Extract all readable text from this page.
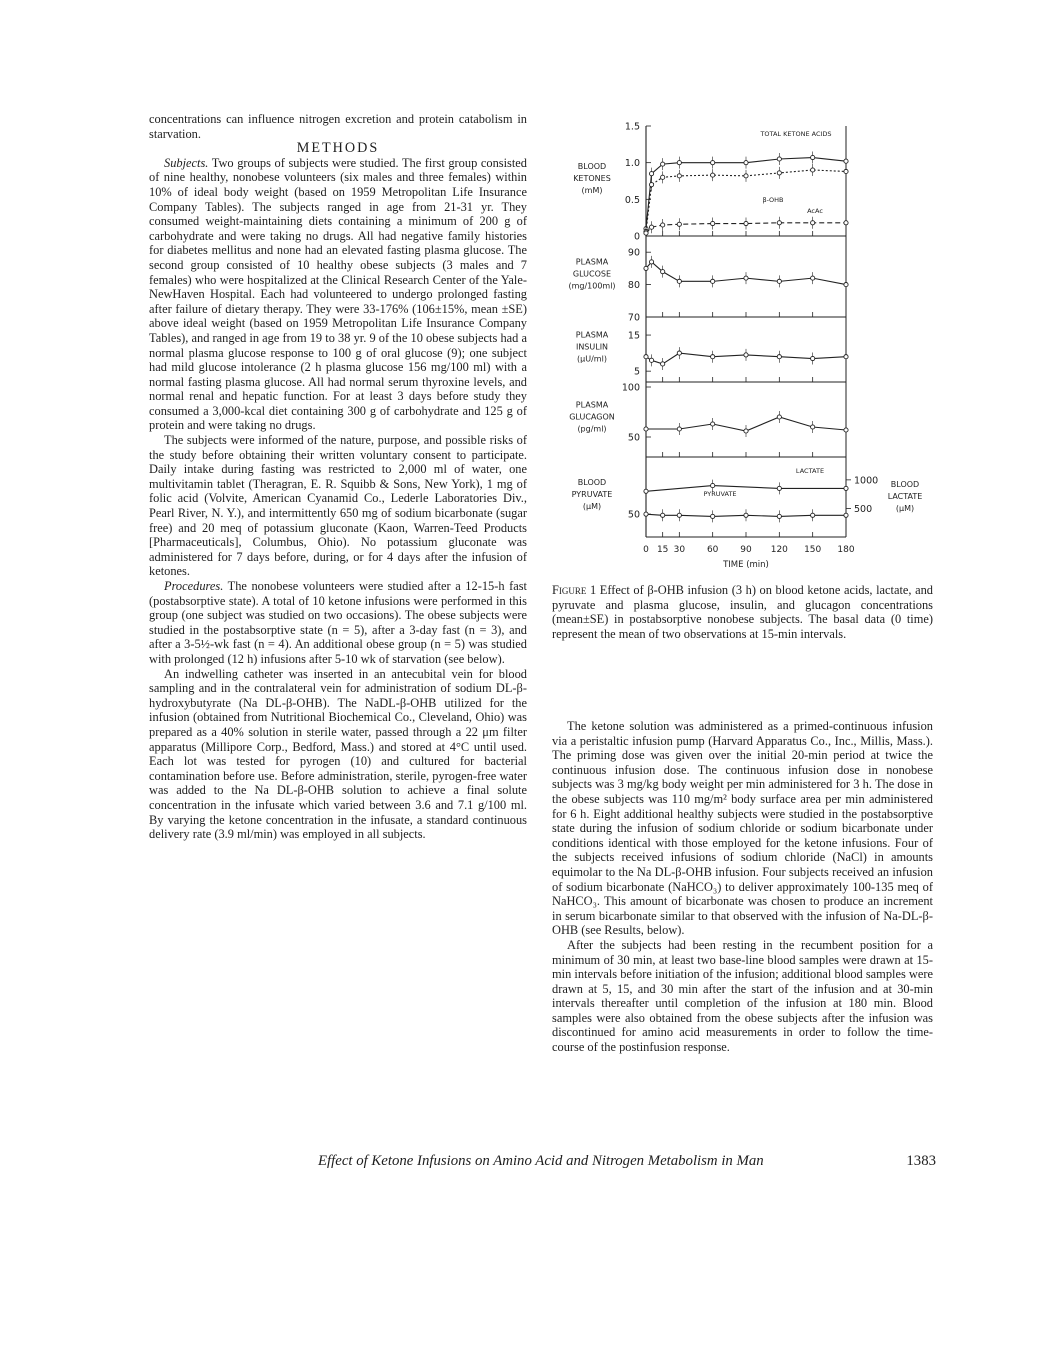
concentrations can influence nitrogen excretion and protein catabolism in starvation.

METHODS

Subjects. Two groups of subjects were studied. The first group consisted of nine healthy, nonobese volunteers (six males and three females) within 10% of ideal body weight (based on 1959 Metropolitan Life Insurance Company Tables). The subjects ranged in age from 21-31 yr. They consumed weight-maintaining diets containing a minimum of 200 g of carbohydrate and were taking no drugs. All had negative family histories for diabetes mellitus and none had an elevated fasting plasma glucose. The second group consisted of 10 healthy obese subjects (3 males and 7 females) who were hospitalized at the Clinical Research Center of the Yale-NewHaven Hospital. Each had volunteered to undergo prolonged fasting after failure of dietary therapy. They were 33-176% (106±15%, mean ±SE) above ideal weight (based on 1959 Metropolitan Life Insurance Company Tables), and ranged in age from 19 to 38 yr. 9 of the 10 obese subjects had a normal plasma glucose response to 100 g of oral glucose (9); one subject had mild glucose intolerance (2 h plasma glucose 156 mg/100 ml) with a normal fasting plasma glucose. All had normal serum thyroxine levels, and normal renal and hepatic function. For at least 3 days before study they consumed a 3,000-kcal diet containing 300 g of carbohydrate and 125 g of protein and were taking no drugs.

The subjects were informed of the nature, purpose, and possible risks of the study before obtaining their written voluntary consent to participate. Daily intake during fasting was restricted to 2,000 ml of water, one multivitamin tablet (Theragran, E. R. Squibb & Sons, New York), 1 mg of folic acid (Volvite, American Cyanamid Co., Lederle Laboratories Div., Pearl River, N. Y.), and intermittently 650 mg of sodium bicarbonate (sugar free) and 20 meq of potassium gluconate (Kaon, Warren-Teed Products [Pharmaceuticals], Columbus, Ohio). No potassium gluconate was administered for 7 days before, during, or for 4 days after the infusion of ketones.

Procedures. The nonobese volunteers were studied after a 12-15-h fast (postabsorptive state). A total of 10 ketone infusions were performed in this group (one subject was studied on two occasions). The obese subjects were studied in the postabsorptive state (n = 5), after a 3-day fast (n = 3), and after a 3-5½-wk fast (n = 4). An additional obese group (n = 5) was studied with prolonged (12 h) infusions after 5-10 wk of starvation (see below).

An indwelling catheter was inserted in an antecubital vein for blood sampling and in the contralateral vein for administration of sodium DL-β-hydroxybutyrate (Na DL-β-OHB). The NaDL-β-OHB utilized for the infusion (obtained from Nutritional Biochemical Co., Cleveland, Ohio) was prepared as a 40% solution in sterile water, passed through a 22 μm filter apparatus (Millipore Corp., Bedford, Mass.) and stored at 4°C until used. Each lot was tested for pyrogen (10) and cultured for bacterial contamination before use. Before administration, sterile, pyrogen-free water was added to the Na DL-β-OHB solution to achieve a final solute concentration in the infusate which varied between 3.6 and 7.1 g/100 ml. By varying the ketone concentration in the infusate, a standard continuous delivery rate (3.9 ml/min) was employed in all subjects.

0
0.5
1.0
1.5
BLOOD
KETONES
(mM)
TOTAL KETONE ACIDS
β-OHB
AcAc
70
80
90
PLASMA
GLUCOSE
(mg/100ml)
5
15
PLASMA
INSULIN
(μU/ml)
50
100
PLASMA
GLUCAGON
(pg/ml)
50
BLOOD
PYRUVATE
(μM)	500
1000 BLOOD
LACTATE
(μM)
LACTATE
PYRUVATE
0 15 30 60 90 120 150 180
TIME (min)
Figure 1 Effect of β-OHB infusion (3 h) on blood ketone acids, lactate, and pyruvate and plasma glucose, insulin, and glucagon concentrations (mean±SE) in postabsorptive nonobese subjects. The basal data (0 time) represent the mean of two observations at 15-min intervals.

The ketone solution was administered as a primed-continuous infusion via a peristaltic infusion pump (Harvard Apparatus Co., Inc., Millis, Mass.). The priming dose was given over the initial 20-min period at twice the continuous infusion dose. The continuous infusion dose in nonobese subjects was 3 mg/kg body weight per min administered for 3 h. The dose in the obese subjects was 110 mg/m² body surface area per min administered for 6 h. Eight additional healthy subjects were studied in the postabsorptive state during the infusion of sodium chloride or sodium bicarbonate under conditions identical with those employed for the ketone infusions. Four of the subjects received infusions of sodium chloride (NaCl) in amounts equimolar to the Na DL-β-OHB infusion. Four subjects received an infusion of sodium bicarbonate (NaHCO₃) to deliver approximately 100-135 meq of NaHCO₃. This amount of bicarbonate was chosen to produce an increment in serum bicarbonate similar to that observed with the infusion of Na-DL-β-OHB (see Results, below).

After the subjects had been resting in the recumbent position for a minimum of 30 min, at least two base-line blood samples were drawn at 15-min intervals before initiation of the infusion; additional blood samples were drawn at 5, 15, and 30 min after the start of the infusion and at 30-min intervals thereafter until completion of the infusion at 180 min. Blood samples were also obtained from the obese subjects after the infusion was discontinued for amino acid measurements in order to follow the time-course of the postinfusion response.

Effect of Ketone Infusions on Amino Acid and Nitrogen Metabolism in Man	1383
